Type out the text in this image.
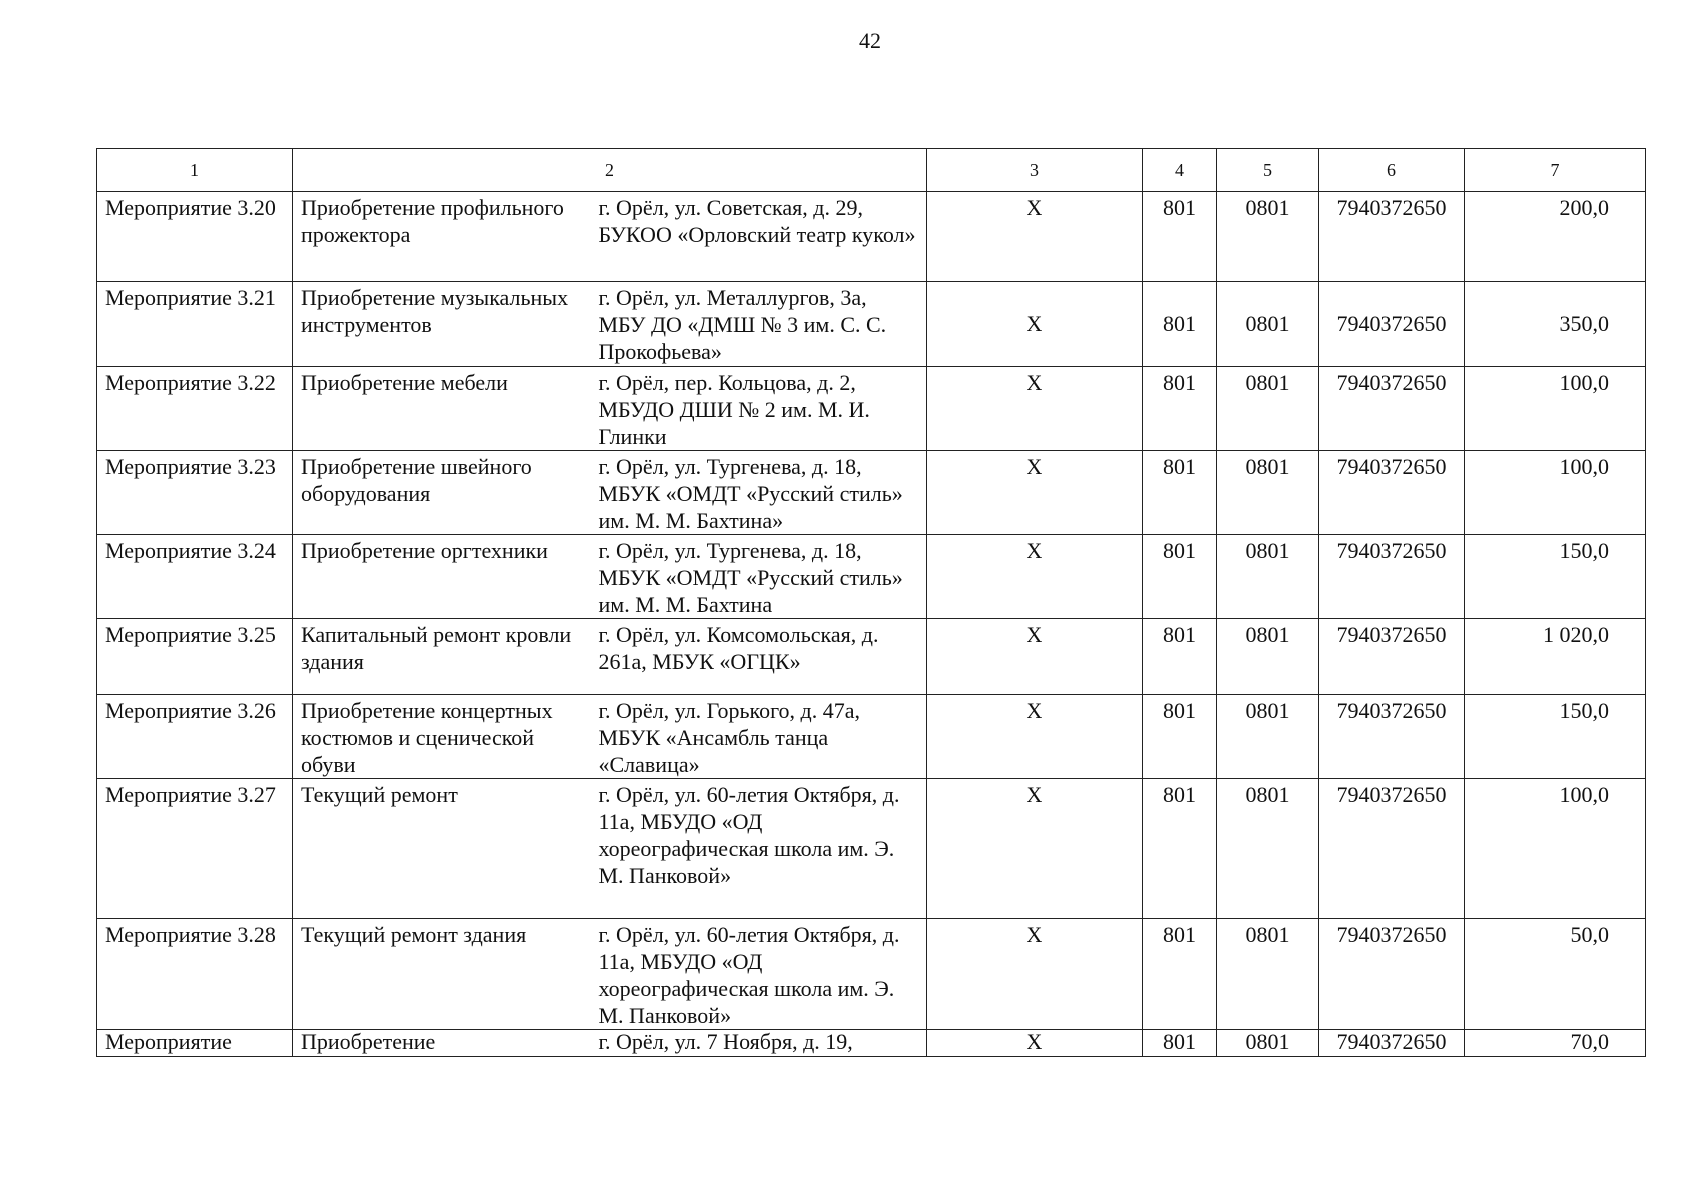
42
1	2		3	4	5	6	7
Мероприятие 3.20	Приобретение профильного прожектора	г. Орёл, ул. Советская, д. 29, БУКОО «Орловский театр кукол»	Х	801	0801	7940372650	200,0
Мероприятие 3.21	Приобретение музыкальных инструментов	г. Орёл, ул. Металлургов, 3а, МБУ ДО «ДМШ № 3 им. С. С. Прокофьева»	Х	801	0801	7940372650	350,0
Мероприятие 3.22	Приобретение мебели	г. Орёл, пер. Кольцова, д. 2, МБУДО ДШИ № 2 им. М. И. Глинки	Х	801	0801	7940372650	100,0
Мероприятие 3.23	Приобретение швейного оборудования	г. Орёл, ул. Тургенева, д. 18, МБУК «ОМДТ «Русский стиль» им. М. М. Бахтина»	Х	801	0801	7940372650	100,0
Мероприятие 3.24	Приобретение оргтехники	г. Орёл, ул. Тургенева, д. 18, МБУК «ОМДТ «Русский стиль» им. М. М. Бахтина	Х	801	0801	7940372650	150,0
Мероприятие 3.25	Капитальный ремонт кровли здания	г. Орёл, ул. Комсомольская, д. 261а, МБУК «ОГЦК»	Х	801	0801	7940372650	1 020,0
Мероприятие 3.26	Приобретение концертных костюмов и сценической обуви	г. Орёл, ул. Горького, д. 47а, МБУК «Ансамбль танца «Славица»	Х	801	0801	7940372650	150,0
Мероприятие 3.27	Текущий ремонт	г. Орёл, ул. 60-летия Октября, д. 11а, МБУДО «ОД хореографическая школа им. Э. М. Панковой»	Х	801	0801	7940372650	100,0
Мероприятие 3.28	Текущий ремонт здания	г. Орёл, ул. 60-летия Октября, д. 11а, МБУДО «ОД хореографическая школа им. Э. М. Панковой»	Х	801	0801	7940372650	50,0
Мероприятие	Приобретение	г. Орёл, ул. 7 Ноября, д. 19,	Х	801	0801	7940372650	70,0
